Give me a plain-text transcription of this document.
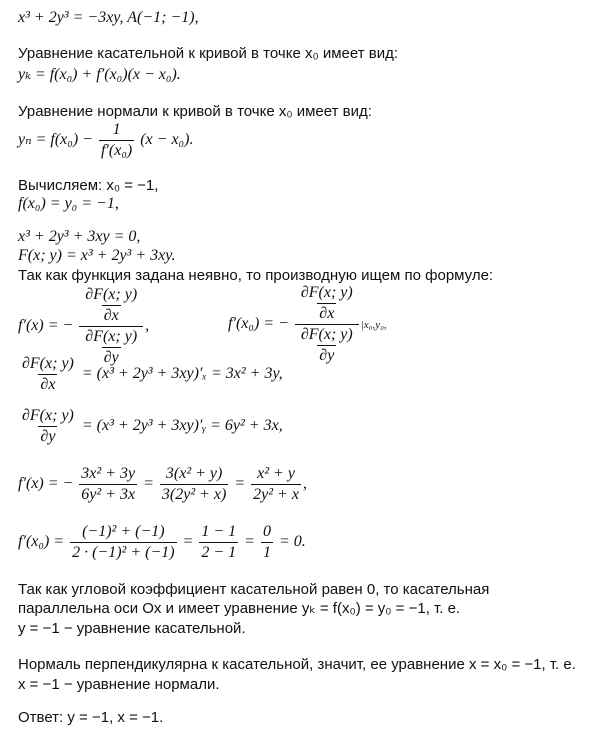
x³ + 2y³ = −3xy, A(−1; −1),
Уравнение касательной к кривой в точке x₀ имеет вид:
yₖ = f(x₀) + f′(x₀)(x − x₀).
Уравнение нормали к кривой в точке x₀ имеет вид:
$y_n = f(x_0) - \frac{1}{\text{f′(x₀)}} (x - x_0)$.
Вычисляем: x₀ = −1,
f(x₀) = y₀ = −1,
x³ + 2y³ + 3xy = 0,
F(x; y) = x³ + 2y³ + 3xy.
Так как функция задана неявно, то производную ищем по формуле:
f′(x) = − $\frac{\frac{\partial F(x; y)}{\partial x}}{\frac{\partial F(x; y)}{\partial y}}$ ,	f′(x₀) = − $\frac{\frac{\partial F(x; y)}{\partial x}}{\frac{\partial F(x; y)}{\partial y}} |x_0,y_0$,
$\frac{\partial F(x; y)}{\partial x} = (x^3 + 2y^3 + 3xy)'_x = 3x^2 + 3y$,
$\frac{\partial F(x; y)}{\partial y} = (x^3 + 2y^3$ + 3xy)′ᵧ = 6y² + 3x,
f′(x) = − $\frac{\text{3x² + 3y}}{\text{6y² + 3x}} = \frac{\text{3(x² + y)}}{\text{3(2y² + x)}} = \frac{\text{x² + y}}{\text{2y² + x}}$ ,
$f'(x_0) = \frac{\text{(−1)² + (−1)}}{\text{2 · (−1)² + (−1)}} = \frac{1 - 1}{2 - 1} = \frac{0}{1} = 0$.
Так как угловой коэффициент касательной равен 0, то касательная
параллельна оси Ox и имеет уравнение yₖ = f(x₀) = y₀ = −1, т. е.
y = −1 − уравнение касательной.
Нормаль перпендикулярна к касательной, значит, ее уравнение x = x₀ = −1, т. е.
x = −1 − уравнение нормали.
Ответ: y = −1, x = −1.
